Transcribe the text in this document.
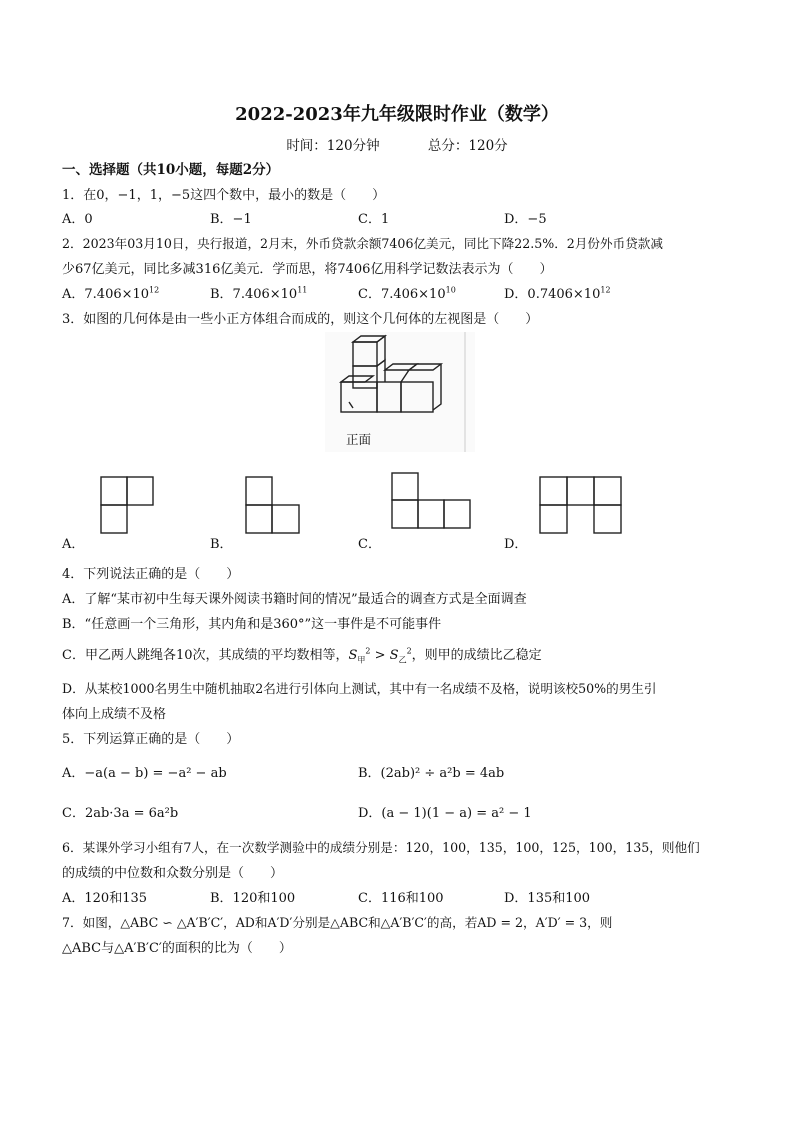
2022-2023年九年级限时作业（数学）
时间：120分钟	总分：120分
一、选择题（共10小题，每题2分）
1．在0，−1，1，−5这四个数中，最小的数是（　　）
A．0	B．−1	C．1	D．−5
2．2023年03月10日，央行报道，2月末，外币贷款余额7406亿美元，同比下降22.5%．2月份外币贷款减
少67亿美元，同比多减316亿美元．学而思，将7406亿用科学记数法表示为（　　）
A．$7.406\times 10^{12}$	B．$7.406\times 10^{11}$	C．$7.406\times 10^{10}$	D．$0.7406\times 10^{12}$
3．如图的几何体是由一些小正方体组合而成的，则这个几何体的左视图是（　　）
正面
A．	B．	C．	D．
4．下列说法正确的是（　　）
A．了解“某市初中生每天课外阅读书籍时间的情况”最适合的调查方式是全面调查
B．“任意画一个三角形，其内角和是360°”这一事件是不可能事件
C．甲乙两人跳绳各10次，其成绩的平均数相等，$S_甲^2 > S_乙^2$，则甲的成绩比乙稳定
D．从某校1000名男生中随机抽取2名进行引体向上测试，其中有一名成绩不及格，说明该校50%的男生引
体向上成绩不及格
5．下列运算正确的是（　　）
A．−a(a − b) = −a² − ab	B．(2ab)² ÷ a²b = 4ab
C．2ab·3a = 6a²b	D．(a − 1)(1 − a) = a² − 1
6．某课外学习小组有7人，在一次数学测验中的成绩分别是：120，100，135，100，125，100，135，则他们
的成绩的中位数和众数分别是（　　）
A．120和135	B．120和100	C．116和100	D．135和100
7．如图，△ABC ∽ △A′B′C′，AD和A′D′分别是△ABC和△A′B′C′的高，若AD = 2，A′D′ = 3，则
△ABC与△A′B′C′的面积的比为（　　）
